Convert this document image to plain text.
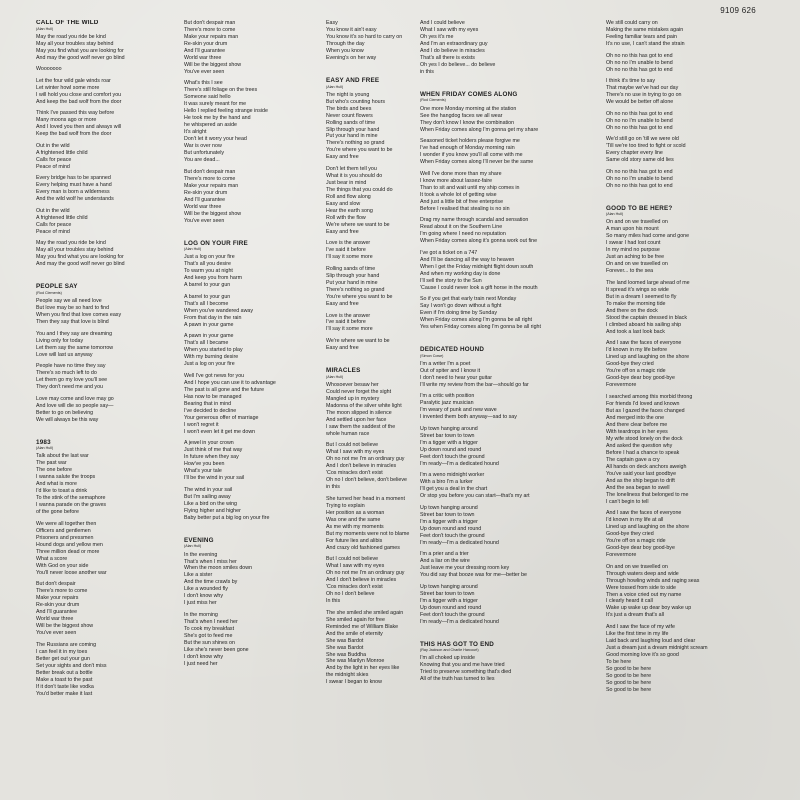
9109 626
CALL OF THE WILD
(Alan Hull)
May the road you ride be kind
May all your troubles stay behind
May you find what you are looking for
And may the good wolf never go blind
Wooooooo
Let the four wild gale winds roar
Let winter howl some more
I will hold you close and comfort you
And keep the bad wolf from the door
Think I've passed this way before
Many moons ago or more
And I loved you then and always will
Keep the bad wolf from the door
Out in the wild
A frightened little child
Calls for peace
Peace of mind
Every bridge has to be spanned
Every helping must have a hand
Every man is born a wilderness
And the wild wolf he understands
Out in the wild
A frightened little child
Calls for peace
Peace of mind
May the road you ride be kind
May all your troubles stay behind
May you find what you are looking for
And may the good wolf never go blind
PEOPLE SAY
(Rod Clements)
People say we all need love
But love may be so hard to find
When you find that love comes easy
Then they say that love is blind
You and I they say are dreaming
Living only for today
Let them say the same tomorrow
Love will last us anyway
People have no time they say
There's so much left to do
Let them go my love you'll see
They don't need me and you
Love may come and love may go
And love will die so people say—
Better to go on believing
We will always be this way
1983
(Alan Hull)
Talk about the last war
The past war
The one before
I wanna salute the troops
And what is more
I'd like to toast a drink
To the stink of the semaphore
I wanna parade on the graves
of the gone before
We were all together then
Officers and gentlemen
Prisoners and pressmen
Hound dogs and yellow men
Three million dead or more
What a score
With God on your side
You'll never loose another war
But don't despair
There's more to come
Make your repairs
Re-skin your drum
And I'll guarantee
World war three
Will be the biggest show
You've ever seen
The Russians are coming
I can feel it in my toes
Better get out your gun
Set your sights and don't miss
Better break out a bottle
Make a toast to the past
If it don't taste like vodka
You'd better make it last
But don't despair man
There's more to come
Make your repairs man
Re-skin your drum
And I'll guarantee
World war three
Will be the biggest show
You've ever seen
What's this I see
There's still foliage on the trees
Someone said hello
It was surely meant for me
Hello I replied feeling strange inside
He took me by the hand and
he whispered an aside
It's alright
Don't let it worry your head
War is over now
But unfortunately
You are dead...
But don't despair man
There's more to come
Make your repairs man
Re-skin your drum
And I'll guarantee
World war three
Will be the biggest show
You've ever seen
LOG ON YOUR FIRE
(Alan Hull)
Just a log on your fire
That's all you desire
To warm you at night
And keep you from harm
A barrel to your gun
A barrel to your gun
That's all I become
When you've wandered away
From that day in the rain
A pawn in your game
A pawn in your game
That's all I became
When you started to play
With my burning desire
Just a log on your fire
Well I've got news for you
And I hope you can use it to advantage
The past is all gone and the future
Has now to be managed
Bearing that in mind
I've decided to decline
Your generous offer of marriage
I won't regret it
I won't even let it get me down
A jewel in your crown
Just think of me that way
In future when they say
How've you been
What's your tale
I'll be the wind in your sail
The wind in your sail
But I'm sailing away
Like a bird on the wing
Flying higher and higher
Baby better put a big log on your fire
EVENING
(Alan Hull)
In the evening
That's when I miss her
When the moon smiles down
Like a sister
And the time crawls by
Like a wounded fly
I don't know why
I just miss her
In the morning
That's when I need her
To cook my breakfast
She's got to feed me
But the sun shines on
Like she's never been gone
I don't know why
I just need her
Easy
You know it ain't easy
You know it's so hard to carry on
Through the day
When you know
Evening's on her way
EASY AND FREE
(Alan Hull)
The night is young
But who's counting hours
The birds and bees
Never count flowers
Rolling sands of time
Slip through your hand
Put your hand in mine
There's nothing so grand
You're where you want to be
Easy and free
Don't let them tell you
What it is you should do
Just bear in mind
The things that you could do
Roll and flow along
Easy and slow
Hear the earth song
Roll with the flow
We're where we want to be
Easy and free
Love is the answer
I've said it before
I'll say it some more
Rolling sands of time
Slip through your hand
Put your hand in mine
There's nothing so grand
You're where you want to be
Easy and free
Love is the answer
I've said it before
I'll say it some more
We're where we want to be
Easy and free
MIRACLES
(Alan Hull)
Whosoever besaw her
Could never forget the sight
Mangled up in mystery
Madonna of the silver white light
The moon slipped in silence
And settled upon her face
I saw them the saddest of the
whole human race
But I could not believe
What I saw with my eyes
Oh no not me I'm an ordinary guy
And I don't believe in miracles
'Cos miracles don't exist
Oh no I don't believe, don't believe
in this
She turned her head in a moment
Trying to explain
Her position as a woman
Was one and the same
As me with my moments
But my moments were not to blame
For future lies and alibis
And crazy old fashioned games
But I could not believe
What I saw with my eyes
Oh no not me I'm an ordinary guy
And I don't believe in miracles
'Cos miracles don't exist
Oh no I don't believe
In this
The she smiled she smiled again
She smiled again for free
Reminded me of William Blake
And the smile of eternity
She was Bardot
She was Bardot
She was Buddha
She was Marilyn Monroe
And by the light in her eyes like
the midnight skies
I swear I began to know
And I could believe
What I saw with my eyes
Oh yes it's me
And I'm an extraordinary guy
And I do believe in miracles
That's all there is exists
Oh yes I do believe... do believe
in this
WHEN FRIDAY COMES ALONG
(Rod Clements)
One more Monday morning at the station
See the hangdog faces we all wear
They don't know I know the combination
When Friday comes along I'm gonna get my share
Seasoned ticket holders please forgive me
I've had enough of Monday morning rain
I wonder if you know you'll all come with me
When Friday comes along I'll never be the same
Well I've done more than my share
I know more about lassez-faire
Than to sit and wait until my ship comes in
It took a whole lot of getting wise
And just a little bit of free enterprise
Before I realised that stealing is no sin
Drag my name through scandal and sensation
Read about it on the Southern Line
I'm going where I need no reputation
When Friday comes along it's gonna work out fine
I've got a ticket on a 747
And I'll be dancing all the way to heaven
When I get the Friday midnight flight down south
And when my working day is done
I'll sell the story to the Sun
'Cause I could never look a gift horse in the mouth
So if you get that early train next Monday
Say I won't go down without a fight
Even if I'm doing time by Sunday
When Friday comes along I'm gonna be all right
Yes when Friday comes along I'm gonna be all right
DEDICATED HOUND
(Simon Cowe)
I'm a writer I'm a poet
Out of spiter and I know it
I don't need to hear your guitar
I'll write my review from the bar—should go far
I'm a critic with position
Paralytic jazz musician
I'm weary of punk and new wave
I invented them both anyway—sad to say
Up town hanging around
Street bar town to town
I'm a tigger with a trigger
Up down round and round
Feet don't touch the ground
I'm ready—I'm a dedicated hound
I'm a weno midnight worker
With a biro I'm a lurker
I'll get you a deal in the chart
Or stop you before you can start—that's my art
Up town hanging around
Street bar town to town
I'm a tigger with a trigger
Up down round and round
Feet don't touch the ground
I'm ready—I'm a dedicated hound
I'm a prier and a trier
And a liar on the wire
Just leave me your dressing room key
You did say that booze was for me—better be
Up town hanging around
Street bar town to town
I'm a tigger with a trigger
Up down round and round
Feet don't touch the ground
I'm ready—I'm a dedicated hound
THIS HAS GOT TO END
(Ray Jackson and Charlie Harcourt)
I'm all choked up inside
Knowing that you and me have tried
Tried to preserve something that's died
All of the truth has turned to lies
We still could carry on
Making the same mistakes again
Feeling familiar tears and pain
It's no use, I can't stand the strain
Oh no no this has got to end
Oh no no I'm unable to bend
Oh no no this has got to end
I think it's time to say
That maybe we've had our day
There's no use in trying to go on
We would be better off alone
Oh no no this has got to end
Oh no no I'm unable to bend
Oh no no this has got to end
We'd still go on 'till we were old
'Till we're too tired to fight or scold
Every chapter every line
Same old story same old lies
Oh no no this has got to end
Oh no no I'm unable to bend
Oh no no this has got to end
GOOD TO BE HERE?
(Alan Hull)
On and on we travelled on
A man upon his mount
So many miles had come and gone
I swear I had lost count
In my mind no purpose
Just an aching to be free
On and on we travelled on
Forever... to the sea
The land loomed large ahead of me
It spread it's wings so wide
But in a dream I seemed to fly
To make the morning tide
And there on the dock
Stood the captain dressed in black
I climbed aboard his sailing ship
And took a last look back
And I saw the faces of everyone
I'd known in my life before
Lined up and laughing on the shore
Good-bye they cried
You're off on a magic ride
Good-bye dear boy good-bye
Forevermore
I searched among this morbid throng
For friends I'd loved and known
But as I gazed the faces changed
And merged into the one
And there clear before me
With teardrops in her eyes
My wife stood lonely on the dock
And asked the question why
Before I had a chance to speak
The captain gave a cry
All hands on deck anchors aweigh
You've said your last goodbye
And as the ship began to drift
And the sea began to swell
The loneliness that belonged to me
I can't begin to tell
And I saw the faces of everyone
I'd known in my life at all
Lined up and laughing on the shore
Good-bye they cried
You're off on a magic ride
Good-bye dear boy good-bye
Forevermore
On and on we travelled on
Through waters deep and wide
Through howling winds and raging seas
Were tossed from side to side
Then a voice cried out my name
I clearly heard it call
Wake up wake up dear boy wake up
It's just a dream that's all
And I saw the face of my wife
Like the first time in my life
Laid back and laughing loud and clear
Just a dream just a dream midnight scream
Good morning love it's so good
To be here
So good to be here
So good to be here
So good to be here
So good to be here
